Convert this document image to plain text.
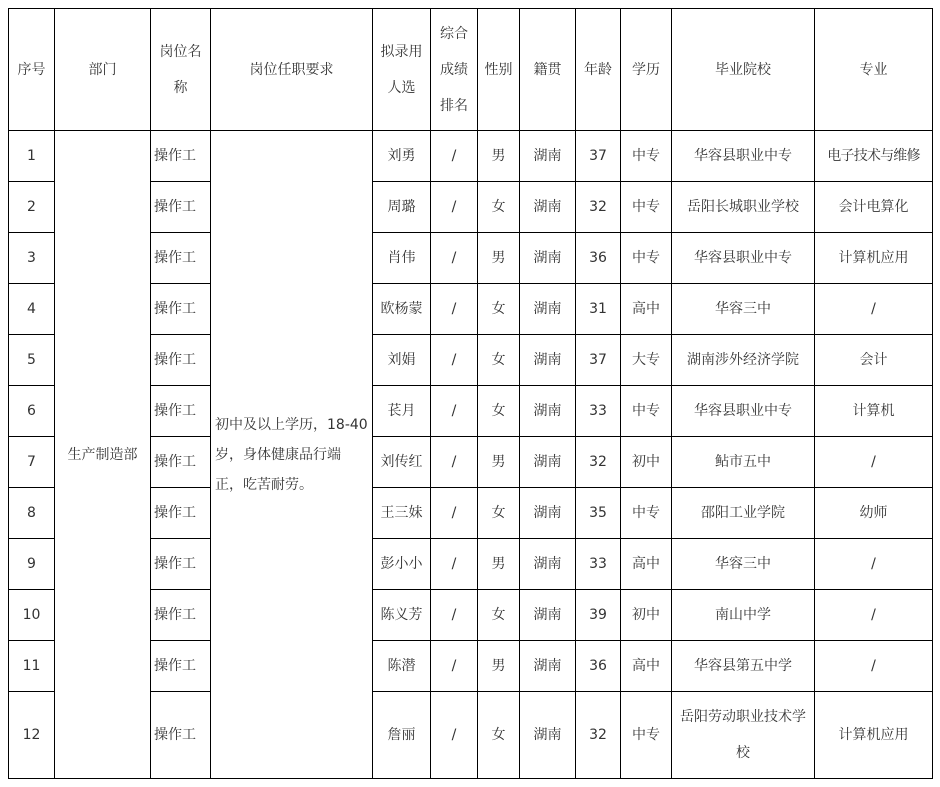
序号	部门	岗位名称	岗位任职要求	拟录用人选	综合成绩排名	性别	籍贯	年龄	学历	毕业院校	专业
1	生产制造部	操作工	初中及以上学历，18-40岁，身体健康品行端正，吃苦耐劳。	刘勇	/	男	湖南	37	中专	华容县职业中专	电子技术与维修
2		操作工		周璐	/	女	湖南	32	中专	岳阳长城职业学校	会计电算化
3		操作工		肖伟	/	男	湖南	36	中专	华容县职业中专	计算机应用
4		操作工		欧杨蒙	/	女	湖南	31	高中	华容三中	/
5		操作工		刘娟	/	女	湖南	37	大专	湖南涉外经济学院	会计
6		操作工		苌月	/	女	湖南	33	中专	华容县职业中专	计算机
7		操作工		刘传红	/	男	湖南	32	初中	鲇市五中	/
8		操作工		王三妹	/	女	湖南	35	中专	邵阳工业学院	幼师
9		操作工		彭小小	/	男	湖南	33	高中	华容三中	/
10		操作工		陈义芳	/	女	湖南	39	初中	南山中学	/
11		操作工		陈潜	/	男	湖南	36	高中	华容县第五中学	/
12		操作工		詹丽	/	女	湖南	32	中专	岳阳劳动职业技术学校	计算机应用
